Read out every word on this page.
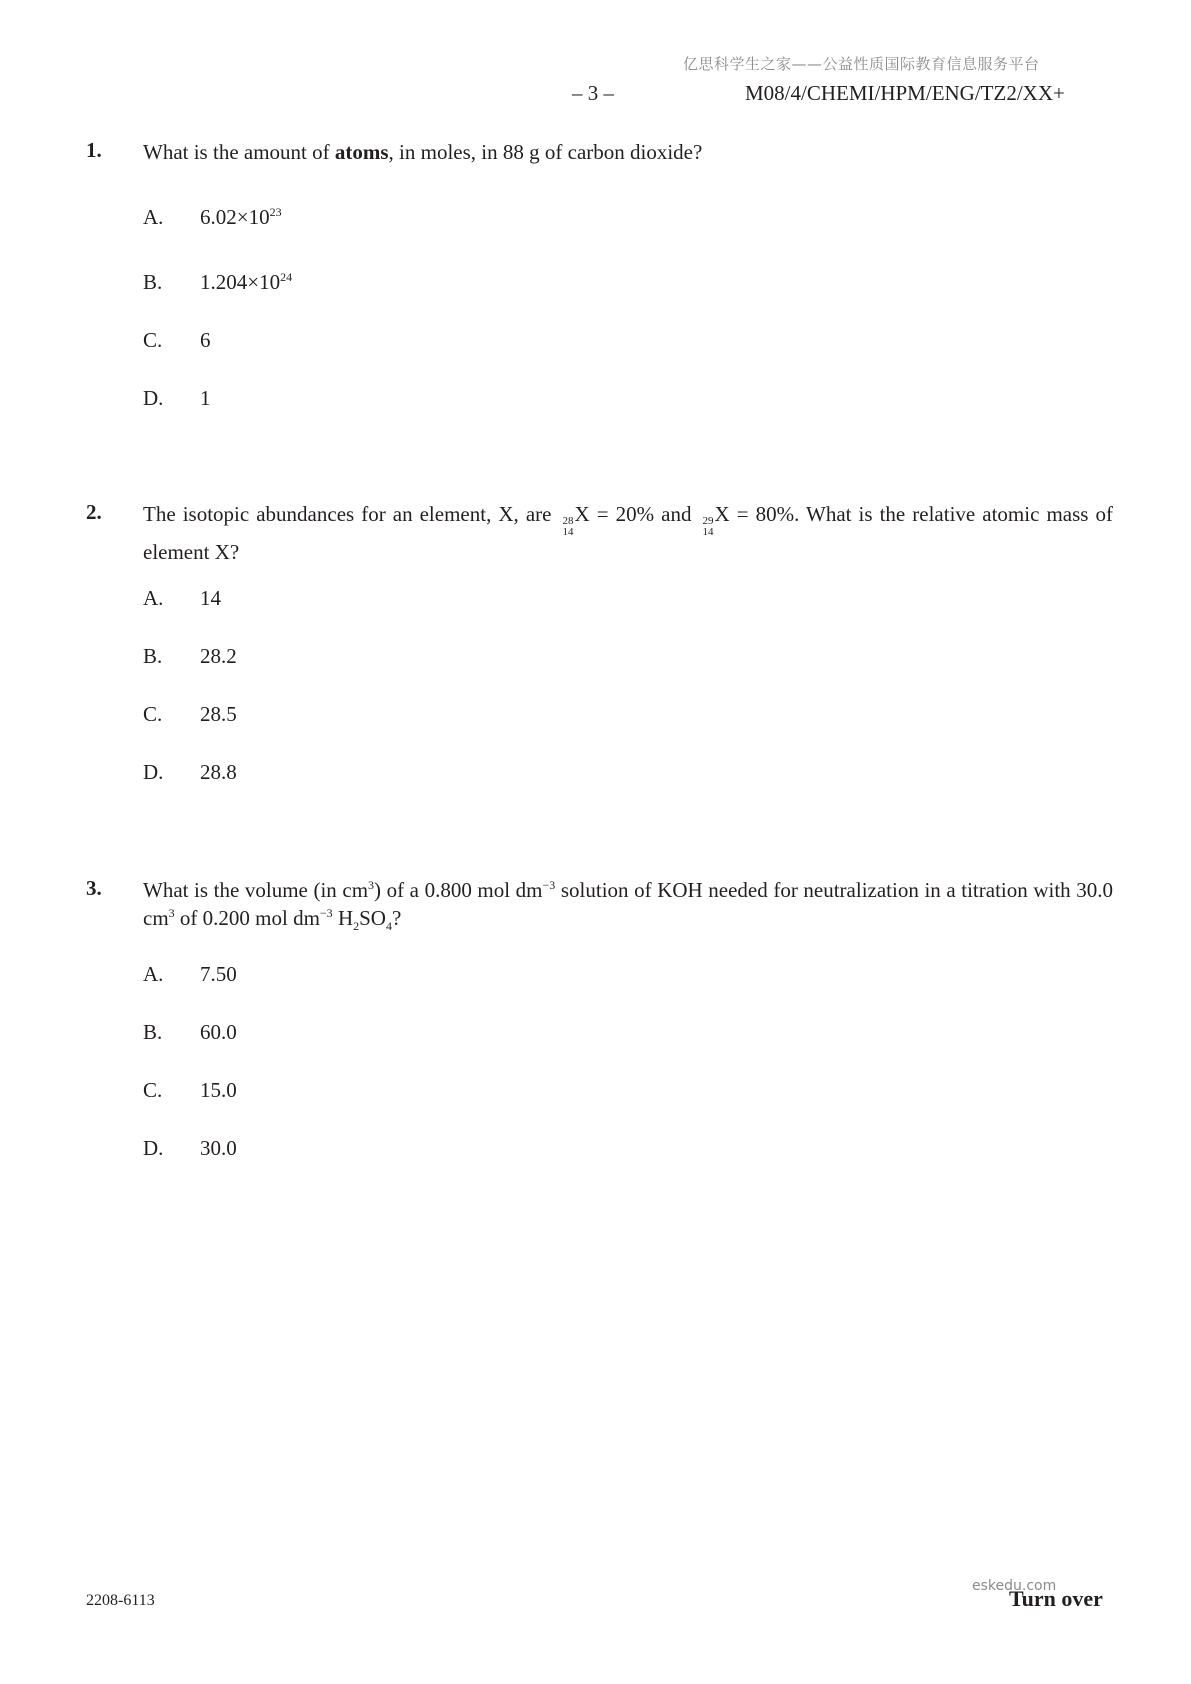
亿思科学生之家——公益性质国际教育信息服务平台
– 3 –	M08/4/CHEMI/HPM/ENG/TZ2/XX+
1. What is the amount of atoms, in moles, in 88 g of carbon dioxide?
A. $6.02\times 10^{23}$
B. $1.204\times 10^{24}$
C. 6
D. 1
2. The isotopic abundances for an element, X, are 28
14
X = 20% and 29
14
X = 80%. What is the relative atomic mass of element X?
A. 14
B. 28.2
C. 28.5
D. 28.8
3. What is the volume (in $cm^3$) of a 0.800 mol $dm^{-3}$ solution of KOH needed for neutralization in a titration with 30.0 $cm^3$ of 0.200 mol $dm^{-3}$ $H_2SO_4$?
A. 7.50
B. 60.0
C. 15.0
D. 30.0
2208-6113	Turn over
eskedu.com
